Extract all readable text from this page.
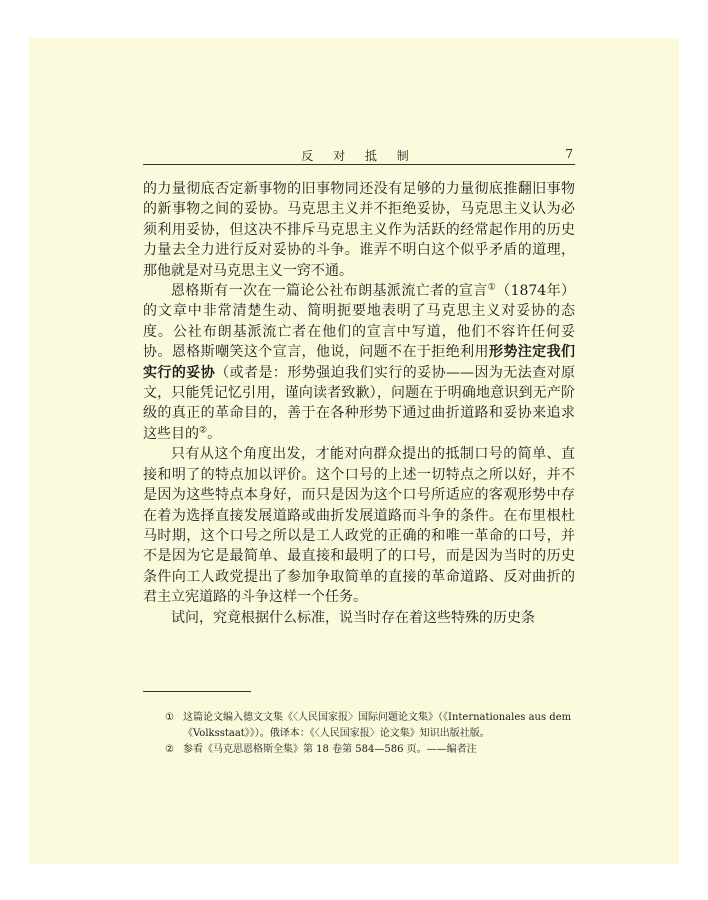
反 对 抵 制	7

的力量彻底否定新事物的旧事物同还没有足够的力量彻底推翻旧事物的新事物之间的妥协。马克思主义并不拒绝妥协，马克思主义认为必须利用妥协，但这决不排斥马克思主义作为活跃的经常起作用的历史力量去全力进行反对妥协的斗争。谁弄不明白这个似乎矛盾的道理，那他就是对马克思主义一窍不通。

恩格斯有一次在一篇论公社布朗基派流亡者的宣言①（1874年）的文章中非常清楚生动、简明扼要地表明了马克思主义对妥协的态度。公社布朗基派流亡者在他们的宣言中写道，他们不容许任何妥协。恩格斯嘲笑这个宣言，他说，问题不在于拒绝利用形势注定我们实行的妥协（或者是：形势强迫我们实行的妥协——因为无法查对原文，只能凭记忆引用，谨向读者致歉），问题在于明确地意识到无产阶级的真正的革命目的，善于在各种形势下通过曲折道路和妥协来追求这些目的②。

只有从这个角度出发，才能对向群众提出的抵制口号的简单、直接和明了的特点加以评价。这个口号的上述一切特点之所以好，并不是因为这些特点本身好，而只是因为这个口号所适应的客观形势中存在着为选择直接发展道路或曲折发展道路而斗争的条件。在布里根杜马时期，这个口号之所以是工人政党的正确的和唯一革命的口号，并不是因为它是最简单、最直接和最明了的口号，而是因为当时的历史条件向工人政党提出了参加争取简单的直接的革命道路、反对曲折的君主立宪道路的斗争这样一个任务。

试问，究竟根据什么标准，说当时存在着这些特殊的历史条

① 这篇论文编入德文文集《〈人民国家报〉国际问题论文集》（《Internationales aus dem《Volksstaat》》）。俄译本：《〈人民国家报〉论文集》知识出版社版。
② 参看《马克思恩格斯全集》第 18 卷第 584—586 页。——编者注
